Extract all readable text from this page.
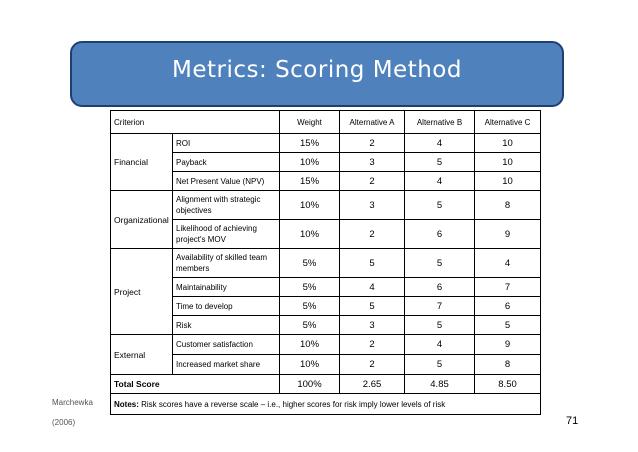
Metrics: Scoring Method
Criterion		Weight	Alternative A	Alternative B	Alternative C
Financial	ROI	15%	2	4	10
	Payback	10%	3	5	10
	Net Present Value (NPV)	15%	2	4	10
Organizational	Alignment with strategic objectives	10%	3	5	8
	Likelihood of achieving project's MOV	10%	2	6	9
Project	Availability of skilled team members	5%	5	5	4
	Maintainability	5%	4	6	7
	Time to develop	5%	5	7	6
	Risk	5%	3	5	5
External	Customer satisfaction	10%	2	4	9
	Increased market share	10%	2	5	8
Total Score		100%	2.65	4.85	8.50
Notes: Risk scores have a reverse scale – i.e., higher scores for risk imply lower levels of risk					
Marchewka
(2006)	71
